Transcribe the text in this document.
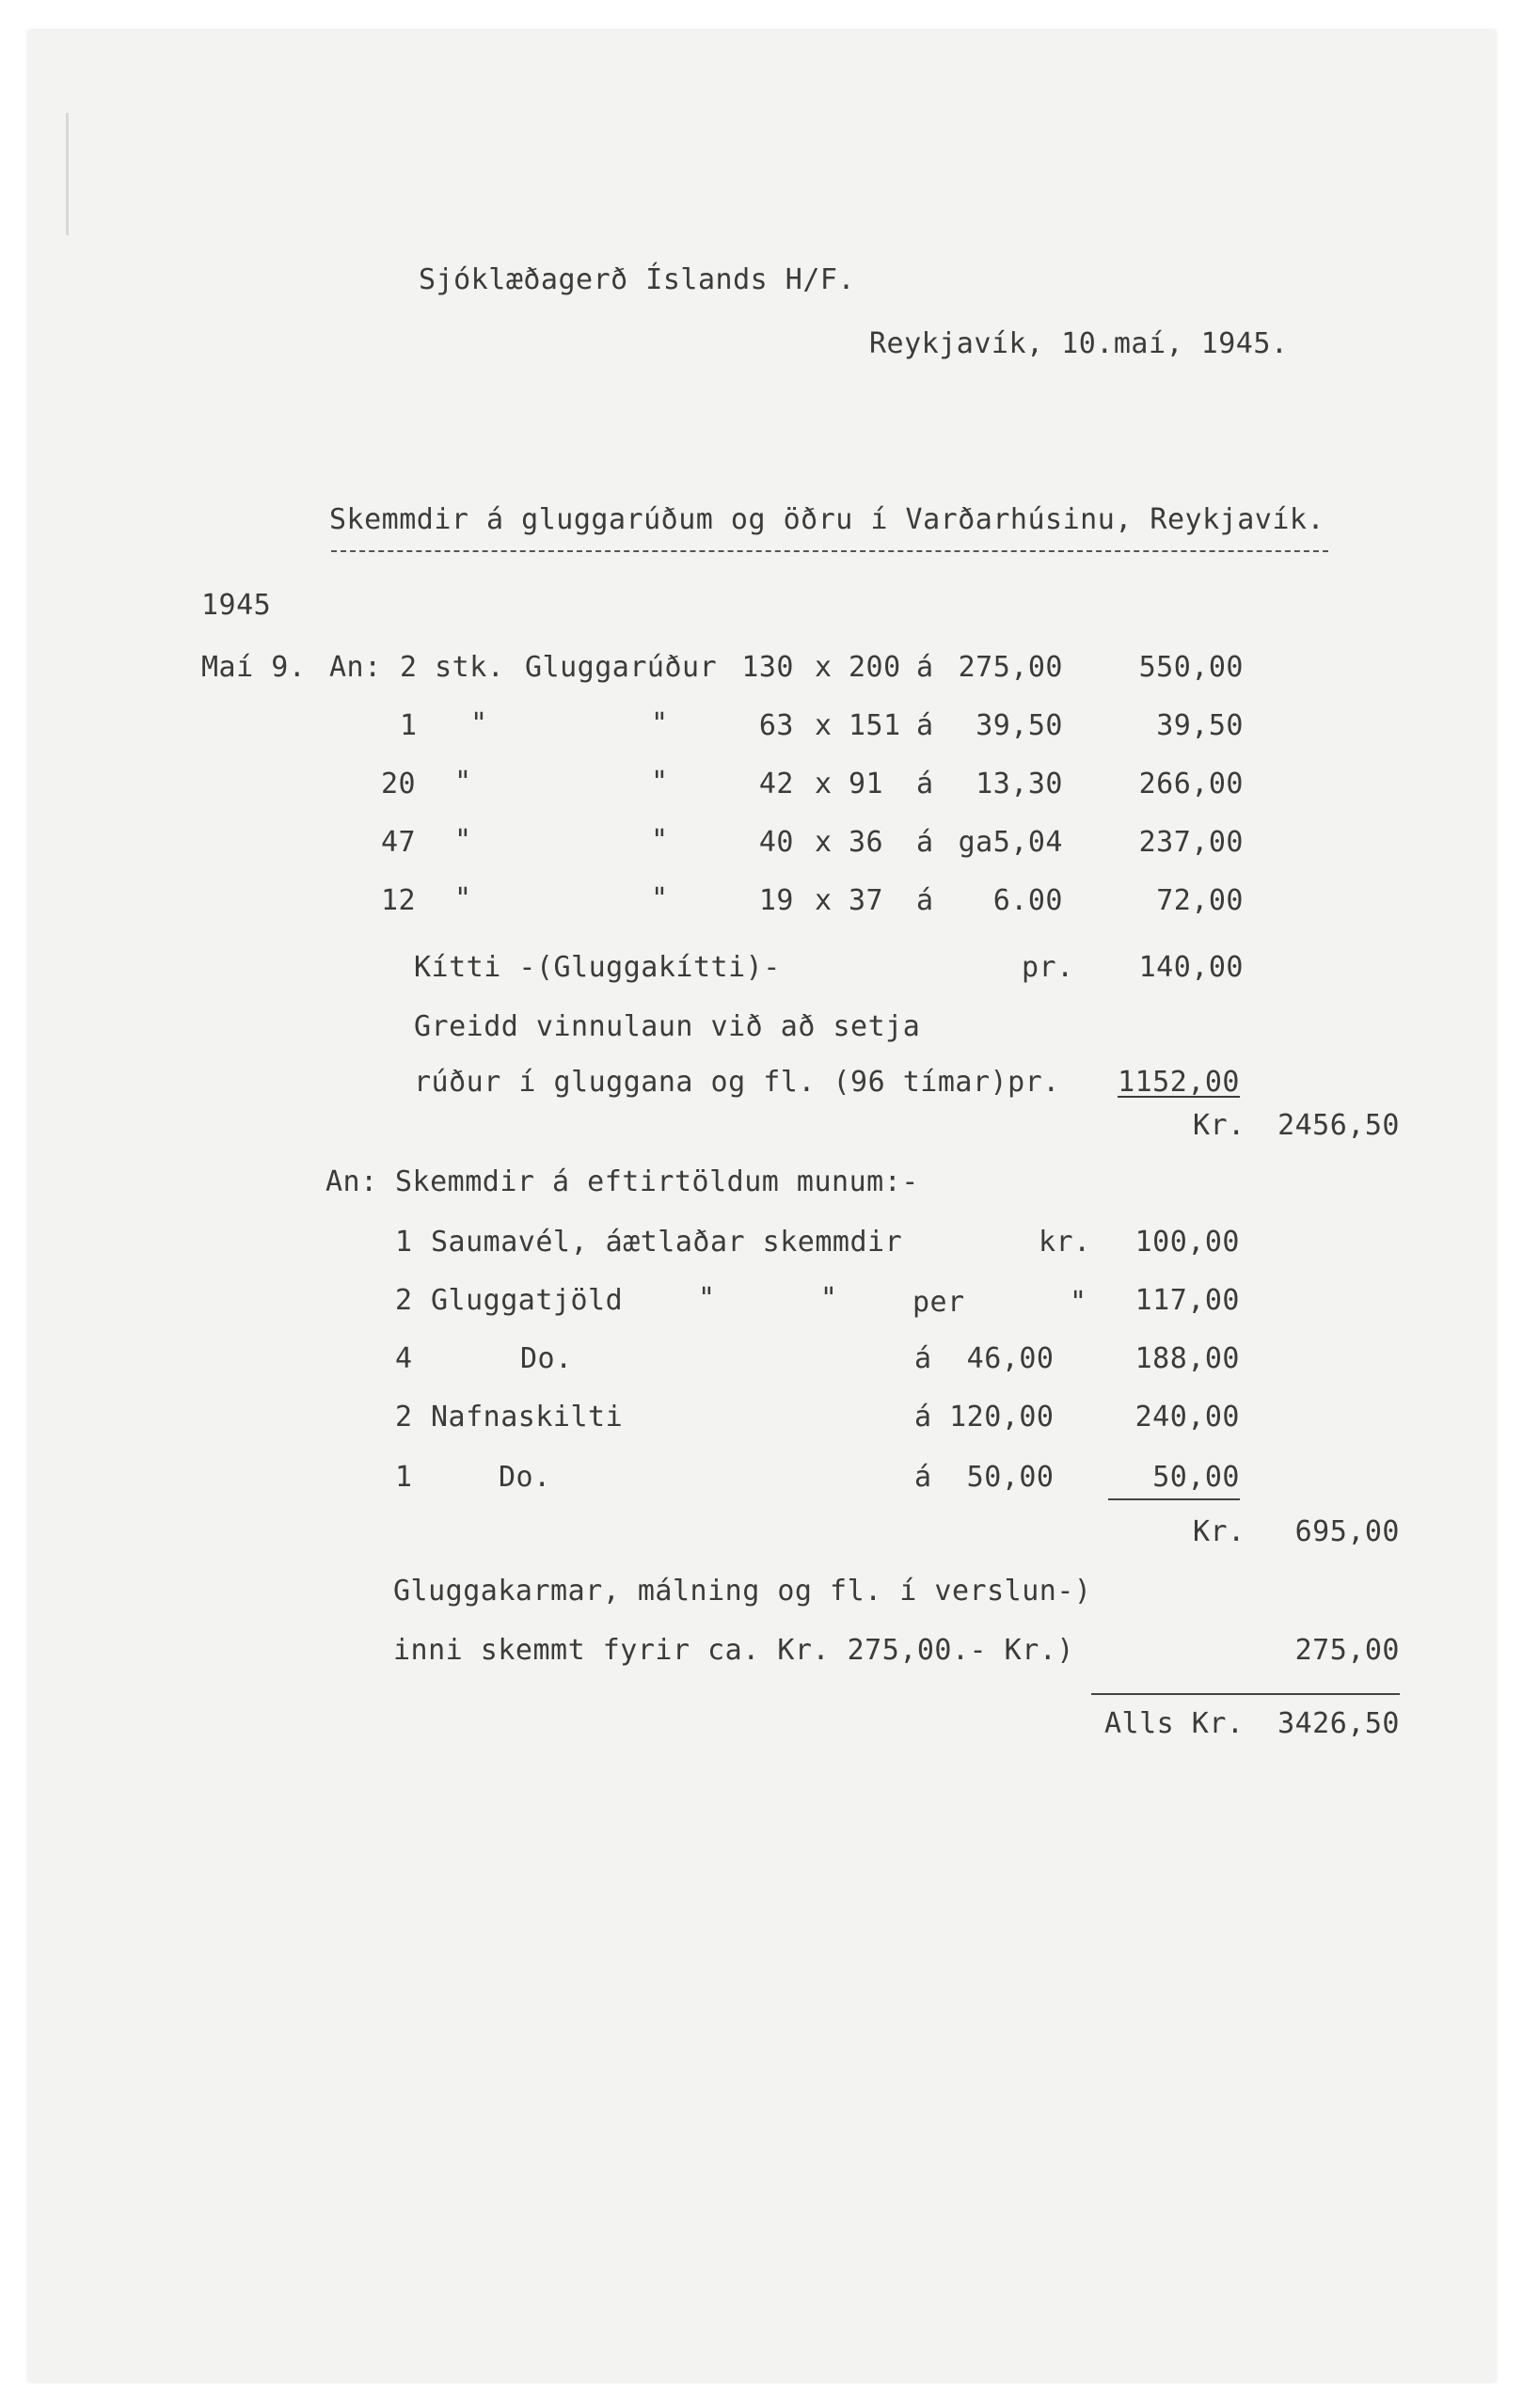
Sjóklæðagerð Íslands H/F.
Reykjavík, 10.maí, 1945.
Skemmdir á gluggarúðum og öðru í Varðarhúsinu, Reykjavík.
1945
Maí 9. An: 2 stk. Gluggarúður 130 x 200 á 275,00	550,00
1 "	"	63 x 151 á	39,50	39,50
20 "	"	42 x 91 á	13,30	266,00
47 "	"	40 x 36 á ga5,04	237,00
12 "	"	19 x 37 á	6.00	72,00
Kítti -(Gluggakítti)-	pr.	140,00
Greidd vinnulaun við að setja
rúður í gluggana og fl. (96 tímar)pr.	1152,00
Kr.	2456,50
An: Skemmdir á eftirtöldum munum:-
1 Saumavél, áætlaðar skemmdir	kr.	100,00
2 Gluggatjöld	"      "	per      "	117,00
4	Do.	á  46,00	188,00
2 Nafnaskilti	á 120,00	240,00
1	Do.	á  50,00	50,00
Kr.	695,00
Gluggakarmar, málning og fl. í verslun-)
inni skemmt fyrir ca. Kr. 275,00.- Kr.)	275,00
Alls Kr.	3426,50
